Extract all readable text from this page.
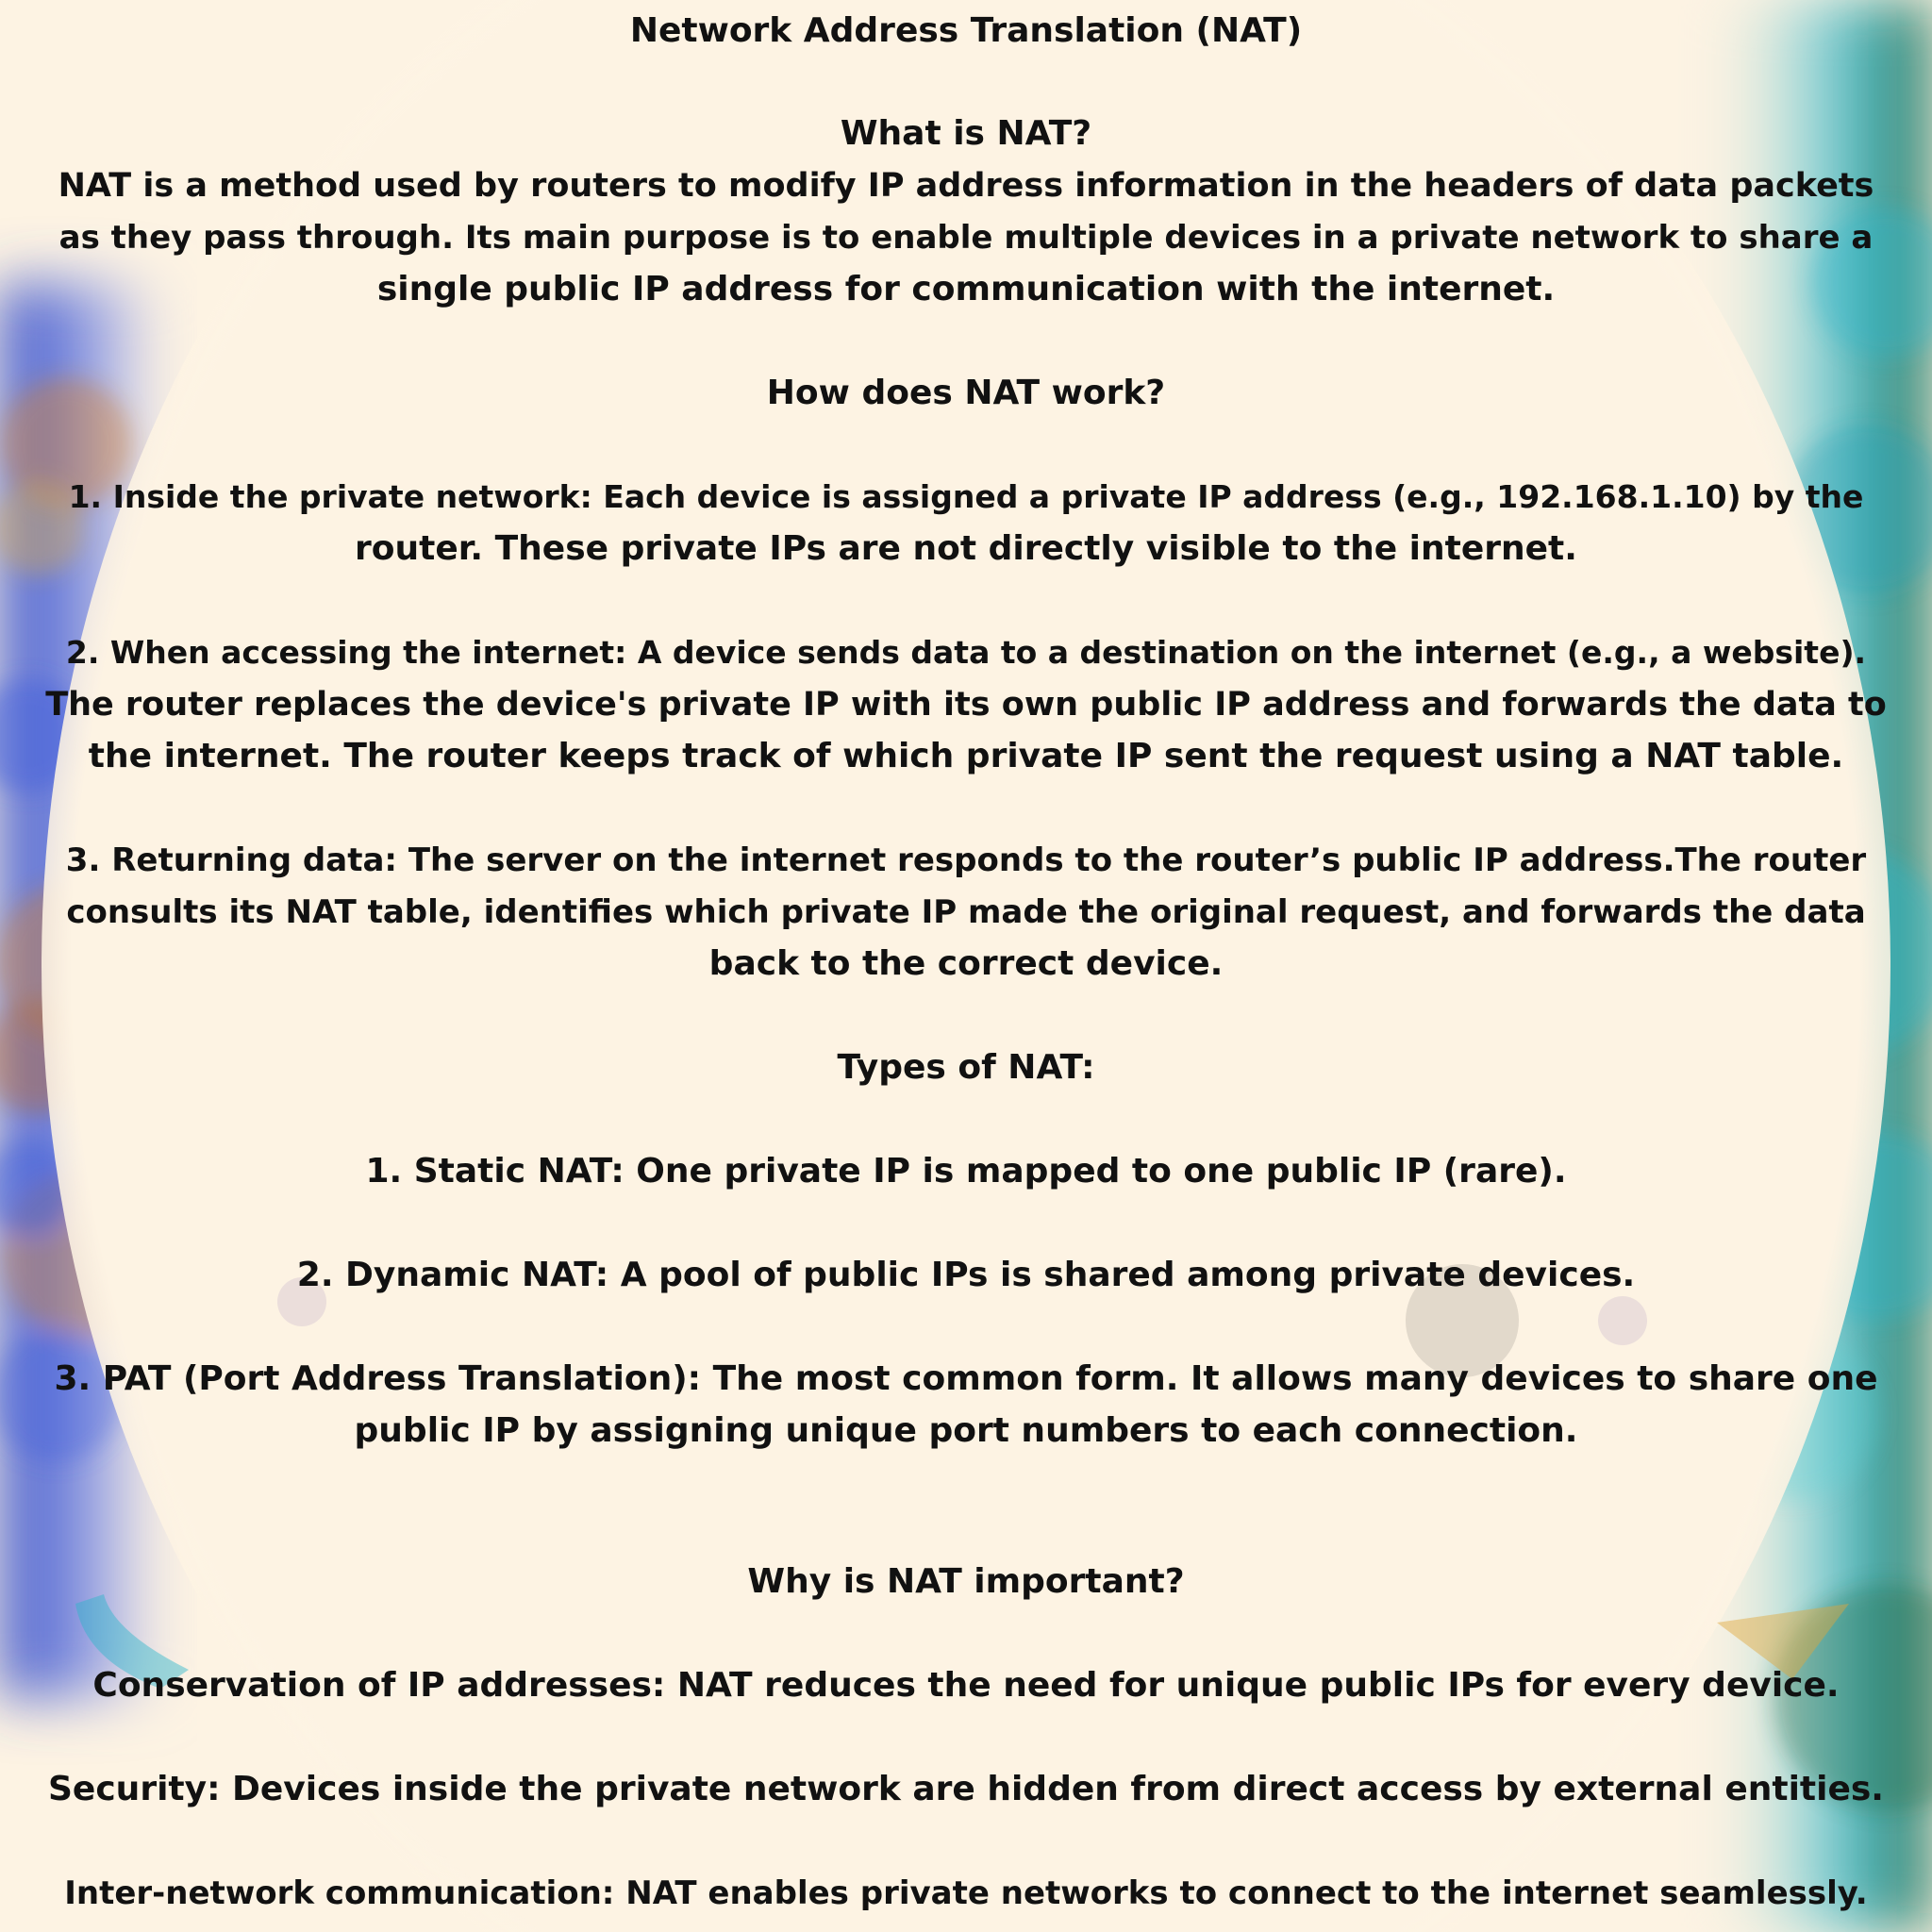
Network Address Translation (NAT)
What is NAT?
NAT is a method used by routers to modify IP address information in the headers of data packets
as they pass through. Its main purpose is to enable multiple devices in a private network to share a
single public IP address for communication with the internet.
How does NAT work?
1. Inside the private network: Each device is assigned a private IP address (e.g., 192.168.1.10) by the
router. These private IPs are not directly visible to the internet.
2. When accessing the internet: A device sends data to a destination on the internet (e.g., a website).
The router replaces the device's private IP with its own public IP address and forwards the data to
the internet. The router keeps track of which private IP sent the request using a NAT table.
3. Returning data: The server on the internet responds to the router’s public IP address.The router
consults its NAT table, identifies which private IP made the original request, and forwards the data
back to the correct device.
Types of NAT:
1. Static NAT: One private IP is mapped to one public IP (rare).
2. Dynamic NAT: A pool of public IPs is shared among private devices.
3. PAT (Port Address Translation): The most common form. It allows many devices to share one
public IP by assigning unique port numbers to each connection.
Why is NAT important?
Conservation of IP addresses: NAT reduces the need for unique public IPs for every device.
Security: Devices inside the private network are hidden from direct access by external entities.
Inter-network communication: NAT enables private networks to connect to the internet seamlessly.
